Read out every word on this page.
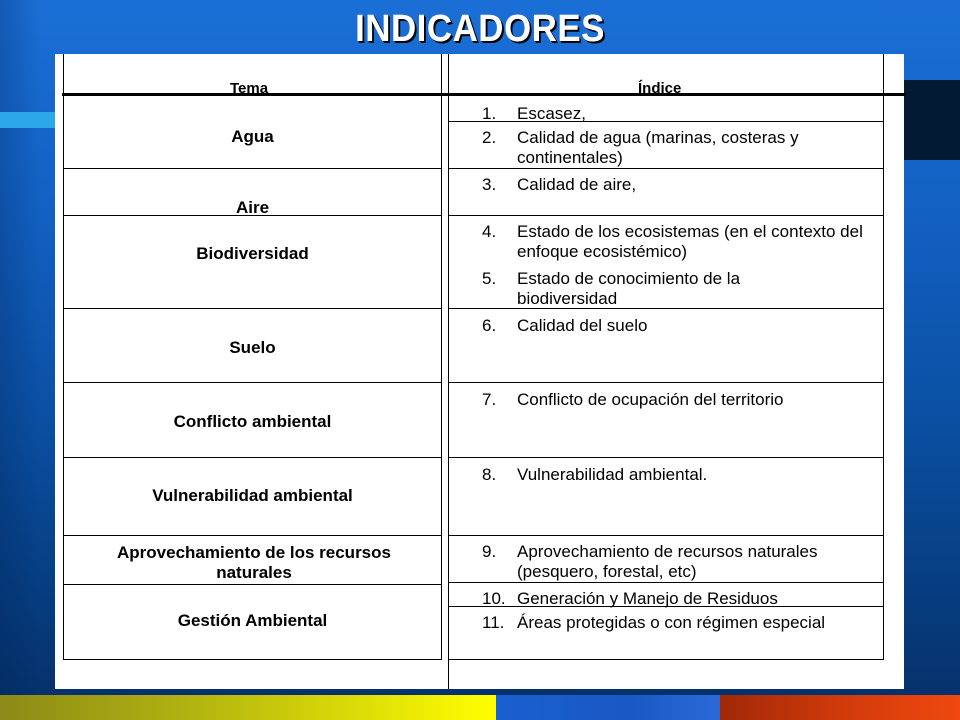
INDICADORES
Tema	Índice
Agua
Aire
Biodiversidad
Suelo
Conflicto ambiental
Vulnerabilidad ambiental
Aprovechamiento de los recursos naturales
Gestión Ambiental
1. Escasez,
2. Calidad de agua (marinas, costeras y continentales)
3. Calidad de aire,
4. Estado de los ecosistemas (en el contexto del enfoque ecosistémico)
5. Estado de conocimiento de la biodiversidad
6. Calidad del suelo
7. Conflicto de ocupación del territorio
8. Vulnerabilidad ambiental.
9. Aprovechamiento de recursos naturales (pesquero, forestal, etc)
10. Generación y Manejo de Residuos
11. Áreas protegidas o con régimen especial
